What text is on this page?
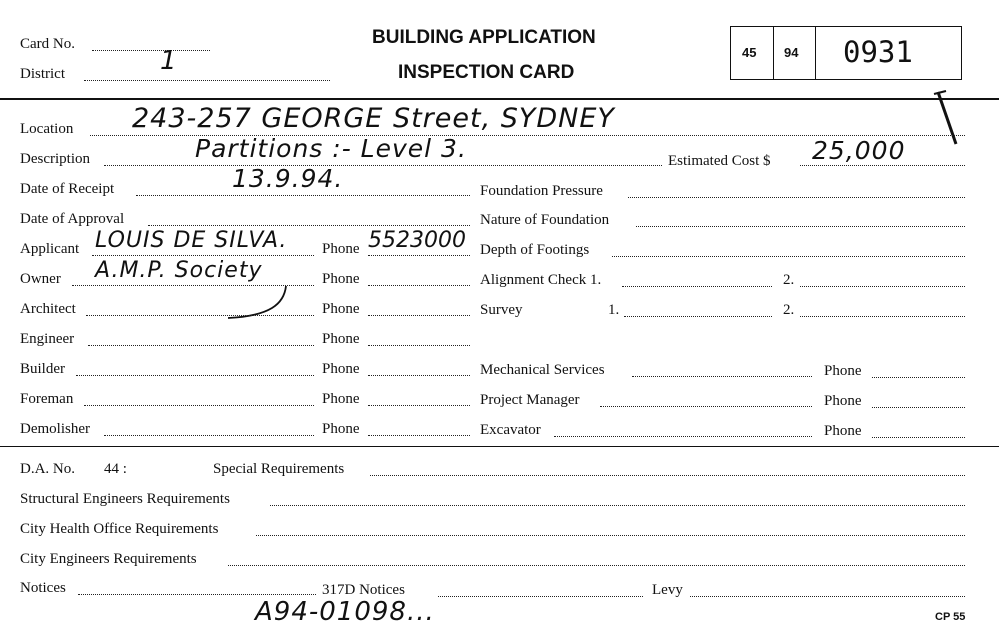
Card No.
District	1
BUILDING APPLICATION
INSPECTION CARD
45 94 0931
Location 243-257 GEORGE Street, SYDNEY
Description	Partitions :- Level 3.	Estimated Cost $ 25,000
Date of Receipt	13.9.94.
Date of Approval
Applicant LOUIS DE SILVA. Phone 5523000
Owner A.M.P. Society	Phone
Architect	Phone
Engineer	Phone
Builder	Phone
Foreman	Phone
Demolisher	Phone
Foundation Pressure
Nature of Foundation
Depth of Footings
Alignment Check 1.	2.
Survey	1.	2.
Mechanical Services	Phone
Project Manager	Phone
Excavator	Phone
D.A. No. 44 :	Special Requirements
Structural Engineers Requirements
City Health Office Requirements
City Engineers Requirements
Notices	317D Notices	Levy
A94-01098...	CP 55
